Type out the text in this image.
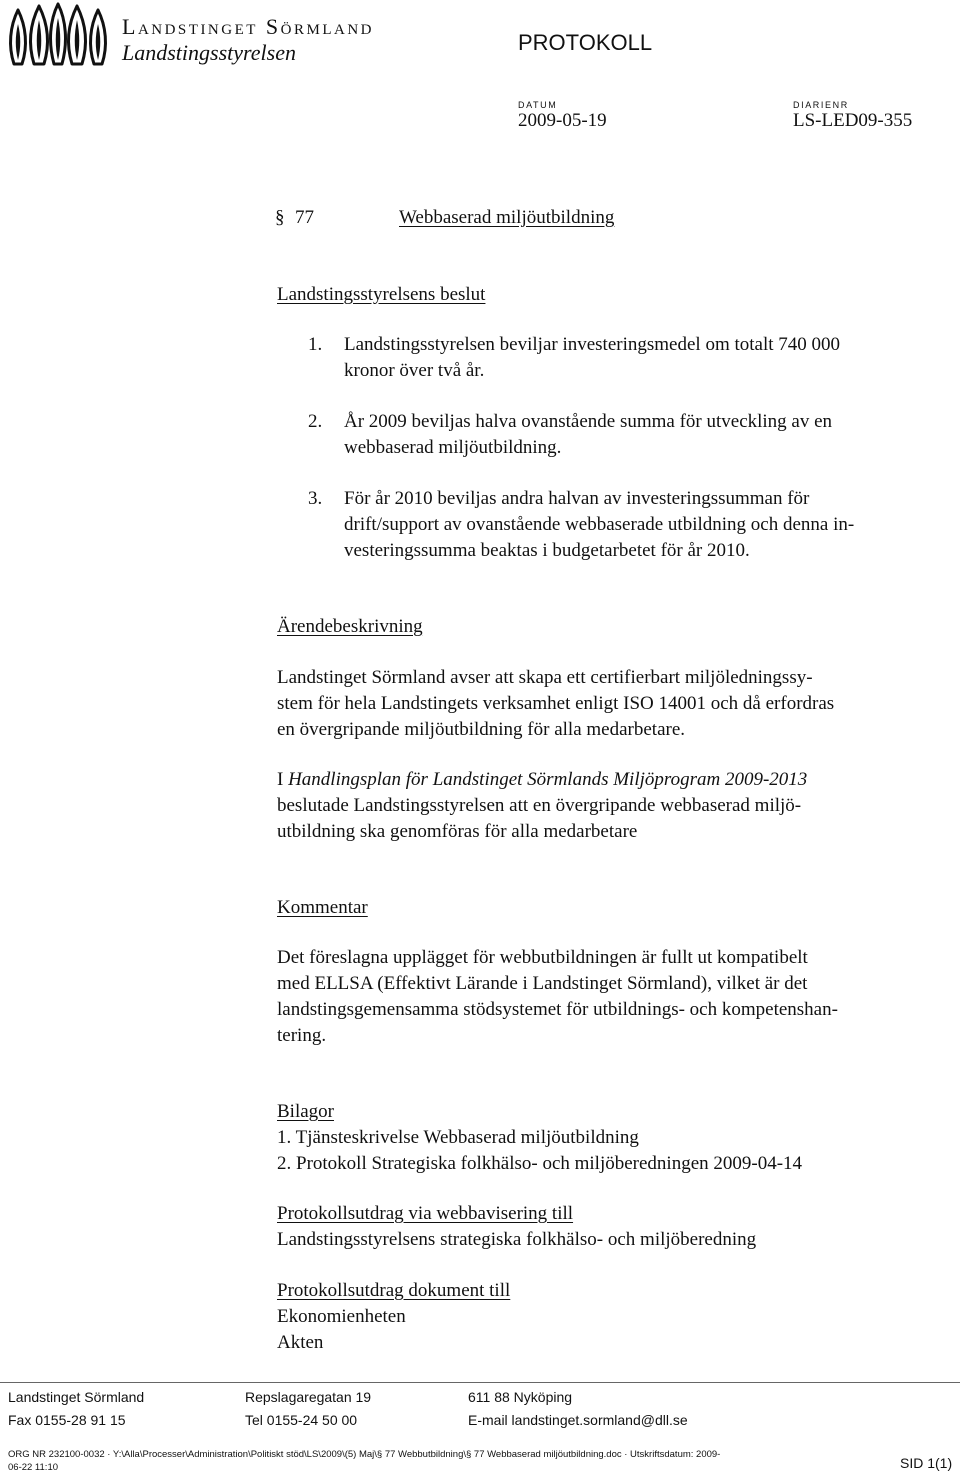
Landstinget Sörmland
Landstingsstyrelsen	PROTOKOLL
DATUM
2009-05-19
DIARIENR
LS-LED09-355
§ 77	Webbaserad miljöutbildning
Landstingsstyrelsens beslut
1.	Landstingsstyrelsen beviljar investeringsmedel om totalt 740 000
kronor över två år.
2.	År 2009 beviljas halva ovanstående summa för utveckling av en
webbaserad miljöutbildning.
3.	För år 2010 beviljas andra halvan av investeringssumman för
drift/support av ovanstående webbaserade utbildning och denna in-
vesteringssumma beaktas i budgetarbetet för år 2010.
Ärendebeskrivning
Landstinget Sörmland avser att skapa ett certifierbart miljöledningssy-
stem för hela Landstingets verksamhet enligt ISO 14001 och då erfordras
en övergripande miljöutbildning för alla medarbetare.
I Handlingsplan för Landstinget Sörmlands Miljöprogram 2009-2013
beslutade Landstingsstyrelsen att en övergripande webbaserad miljö-
utbildning ska genomföras för alla medarbetare
Kommentar
Det föreslagna upplägget för webbutbildningen är fullt ut kompatibelt
med ELLSA (Effektivt Lärande i Landstinget Sörmland), vilket är det
landstingsgemensamma stödsystemet för utbildnings- och kompetenshan-
tering.
Bilagor
1. Tjänsteskrivelse Webbaserad miljöutbildning
2. Protokoll Strategiska folkhälso- och miljöberedningen 2009-04-14
Protokollsutdrag via webbavisering till
Landstingsstyrelsens strategiska folkhälso- och miljöberedning
Protokollsutdrag dokument till
Ekonomienheten
Akten
Landstinget Sörmland	Repslagaregatan 19	611 88 Nyköping
Fax 0155-28 91 15	Tel 0155-24 50 00	E-mail landstinget.sormland@dll.se
ORG NR 232100-0032 · Y:\Alla\Processer\Administration\Politiskt stöd\LS\2009\(5) Maj\§ 77 Webbutbildning\§ 77 Webbaserad miljöutbildning.doc · Utskriftsdatum: 2009-
06-22 11:10	SID 1(1)
